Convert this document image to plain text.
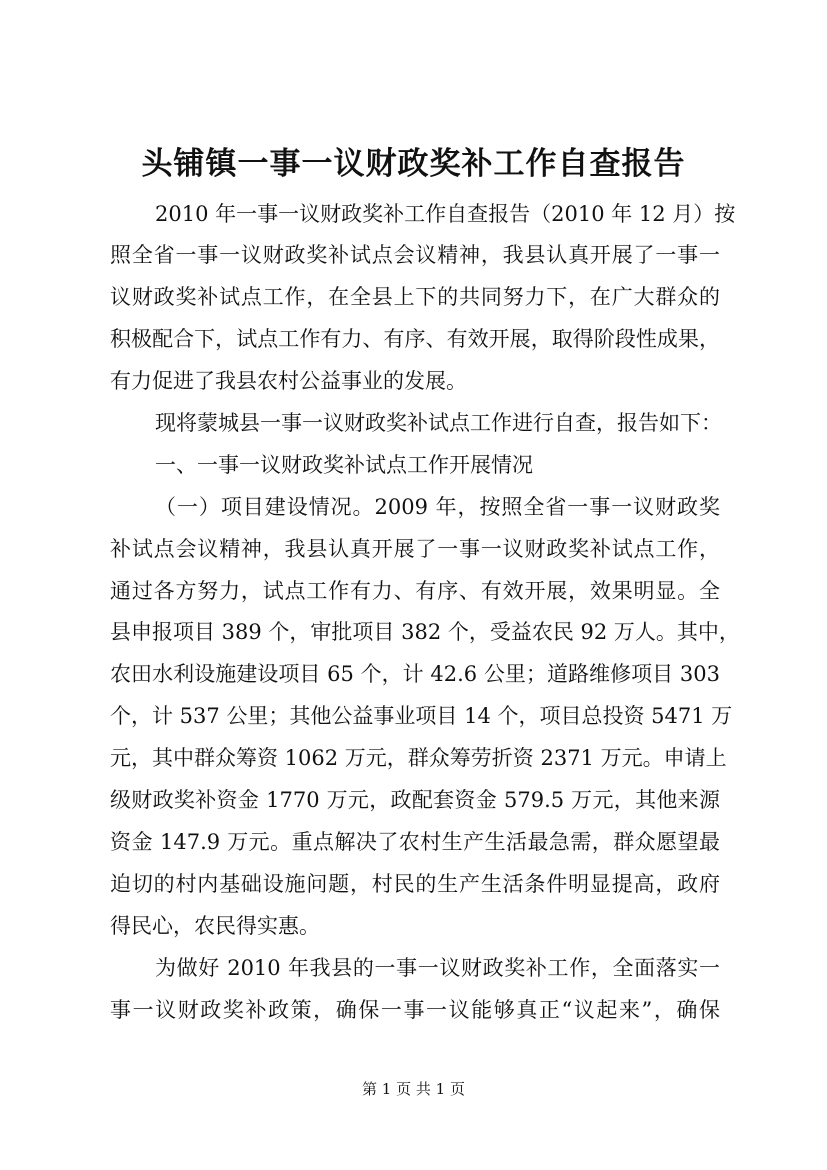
头铺镇一事一议财政奖补工作自查报告
2010 年一事一议财政奖补工作自查报告（2010 年 12 月）按
照全省一事一议财政奖补试点会议精神，我县认真开展了一事一
议财政奖补试点工作，在全县上下的共同努力下，在广大群众的
积极配合下，试点工作有力、有序、有效开展，取得阶段性成果，
有力促进了我县农村公益事业的发展。
现将蒙城县一事一议财政奖补试点工作进行自查，报告如下：
一、一事一议财政奖补试点工作开展情况
（一）项目建设情况。2009 年，按照全省一事一议财政奖
补试点会议精神，我县认真开展了一事一议财政奖补试点工作，
通过各方努力，试点工作有力、有序、有效开展，效果明显。全
县申报项目 389 个，审批项目 382 个，受益农民 92 万人。其中，
农田水利设施建设项目 65 个，计 42.6 公里；道路维修项目 303
个，计 537 公里；其他公益事业项目 14 个，项目总投资 5471 万
元，其中群众筹资 1062 万元，群众筹劳折资 2371 万元。申请上
级财政奖补资金 1770 万元，政配套资金 579.5 万元，其他来源
资金 147.9 万元。重点解决了农村生产生活最急需，群众愿望最
迫切的村内基础设施问题，村民的生产生活条件明显提高，政府
得民心，农民得实惠。
为做好 2010 年我县的一事一议财政奖补工作，全面落实一
事一议财政奖补政策，确保一事一议能够真正“议起来”，确保
第 1 页 共 1 页
